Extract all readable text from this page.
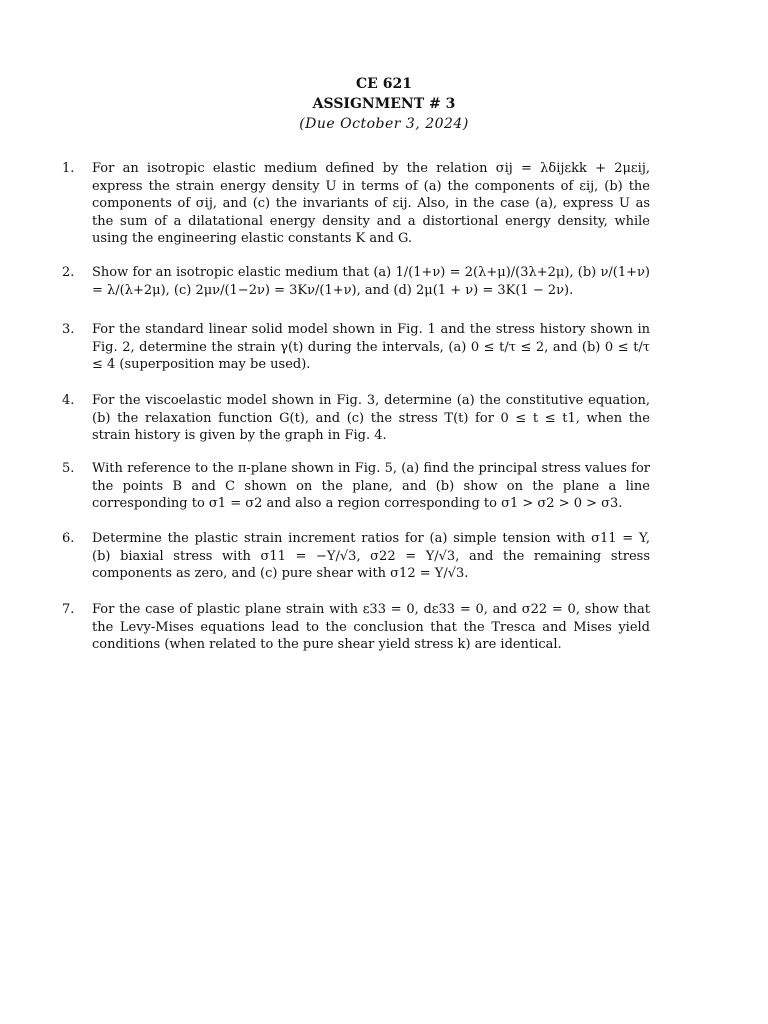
CE 621
ASSIGNMENT # 3
(Due October 3, 2024)
1.	For an isotropic elastic medium defined by the relation σij = λδijεkk + 2μεij, express the strain energy density U in terms of (a) the components of εij, (b) the components of σij, and (c) the invariants of εij. Also, in the case (a), express U as the sum of a dilatational energy density and a distortional energy density, while using the engineering elastic constants K and G.
2.	Show for an isotropic elastic medium that (a) 1/(1+ν) = 2(λ+μ)/(3λ+2μ), (b) ν/(1+ν) = λ/(λ+2μ), (c) 2μν/(1−2ν) = 3Kν/(1+ν), and (d) 2μ(1 + ν) = 3K(1 − 2ν).
3.	For the standard linear solid model shown in Fig. 1 and the stress history shown in Fig. 2, determine the strain γ(t) during the intervals, (a) 0 ≤ t/τ ≤ 2, and (b) 0 ≤ t/τ ≤ 4 (superposition may be used).
4.	For the viscoelastic model shown in Fig. 3, determine (a) the constitutive equation, (b) the relaxation function G(t), and (c) the stress T(t) for 0 ≤ t ≤ t1, when the strain history is given by the graph in Fig. 4.
5.	With reference to the π-plane shown in Fig. 5, (a) find the principal stress values for the points B and C shown on the plane, and (b) show on the plane a line corresponding to σ1 = σ2 and also a region corresponding to σ1 > σ2 > 0 > σ3.
6.	Determine the plastic strain increment ratios for (a) simple tension with σ11 = Y, (b) biaxial stress with σ11 = −Y/√3, σ22 = Y/√3, and the remaining stress components as zero, and (c) pure shear with σ12 = Y/√3.
7.	For the case of plastic plane strain with ε33 = 0, dε33 = 0, and σ22 = 0, show that the Levy-Mises equations lead to the conclusion that the Tresca and Mises yield conditions (when related to the pure shear yield stress k) are identical.
